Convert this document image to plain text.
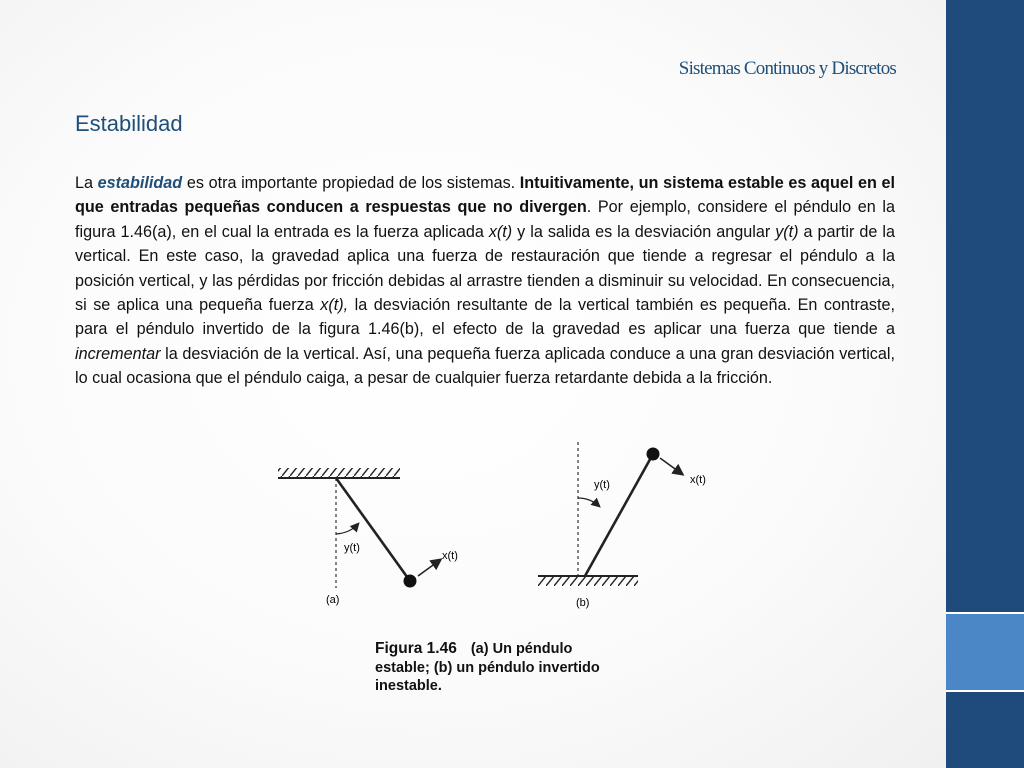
Sistemas Continuos y Discretos
Estabilidad
La estabilidad es otra importante propiedad de los sistemas. Intuitivamente, un sistema estable es aquel en el que entradas pequeñas conducen a respuestas que no divergen. Por ejemplo, considere el péndulo en la figura 1.46(a), en el cual la entrada es la fuerza aplicada x(t) y la salida es la desviación angular y(t) a partir de la vertical. En este caso, la gravedad aplica una fuerza de restauración que tiende a regresar el péndulo a la posición vertical, y las pérdidas por fricción debidas al arrastre tienden a disminuir su velocidad. En consecuencia, si se aplica una pequeña fuerza x(t), la desviación resultante de la vertical también es pequeña. En contraste, para el péndulo invertido de la figura 1.46(b), el efecto de la gravedad es aplicar una fuerza que tiende a incrementar la desviación de la vertical. Así, una pequeña fuerza aplicada conduce a una gran desviación vertical, lo cual ocasiona que el péndulo caiga, a pesar de cualquier fuerza retardante debida a la fricción.
y(t)
x(t)
(a)
y(t)	x(t)
(b)
Figura 1.46 (a) Un péndulo estable; (b) un péndulo invertido inestable.
